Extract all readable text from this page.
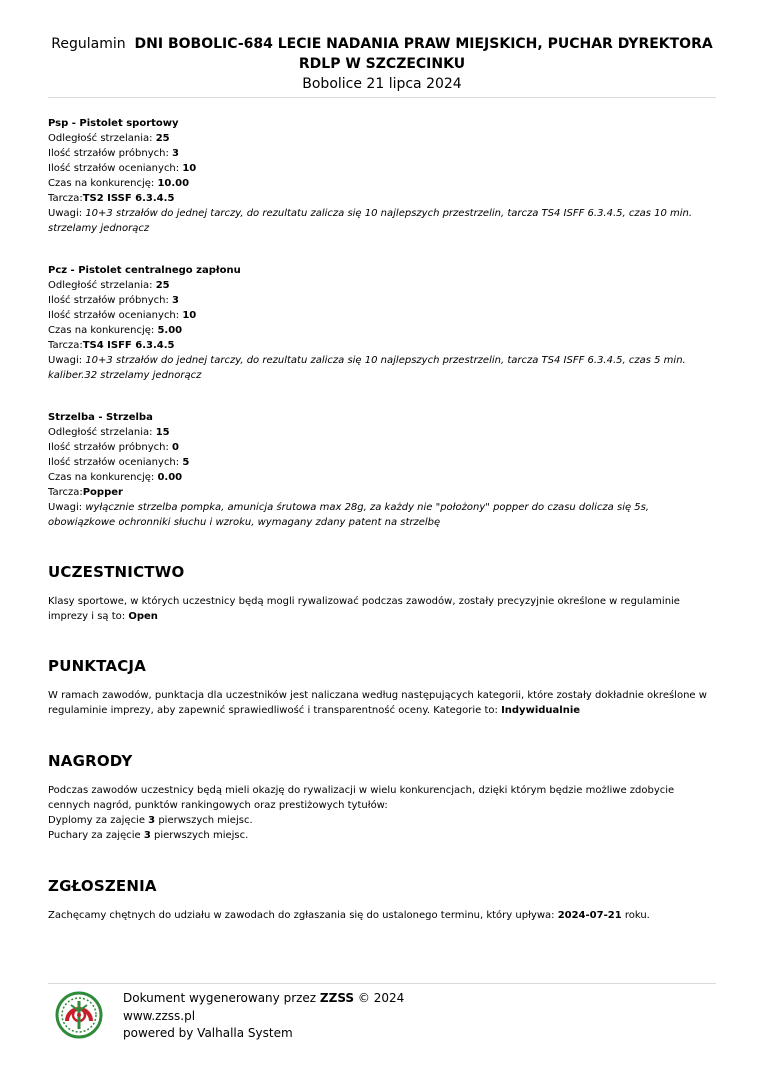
Regulamin DNI BOBOLIC-684 LECIE NADANIA PRAW MIEJSKICH, PUCHAR DYREKTORA
RDLP W SZCZECINKU
Bobolice 21 lipca 2024
Psp - Pistolet sportowy
Odległość strzelania: 25
Ilość strzałów próbnych: 3
Ilość strzałów ocenianych: 10
Czas na konkurencję: 10.00
Tarcza:TS2 ISSF 6.3.4.5
Uwagi: 10+3 strzałów do jednej tarczy, do rezultatu zalicza się 10 najlepszych przestrzelin, tarcza TS4 ISFF 6.3.4.5, czas 10 min. strzelamy jednorącz
Pcz - Pistolet centralnego zapłonu
Odległość strzelania: 25
Ilość strzałów próbnych: 3
Ilość strzałów ocenianych: 10
Czas na konkurencję: 5.00
Tarcza:TS4 ISFF 6.3.4.5
Uwagi: 10+3 strzałów do jednej tarczy, do rezultatu zalicza się 10 najlepszych przestrzelin, tarcza TS4 ISFF 6.3.4.5, czas 5 min. kaliber.32 strzelamy jednorącz
Strzelba - Strzelba
Odległość strzelania: 15
Ilość strzałów próbnych: 0
Ilość strzałów ocenianych: 5
Czas na konkurencję: 0.00
Tarcza:Popper
Uwagi: wyłącznie strzelba pompka, amunicja śrutowa max 28g, za każdy nie "położony" popper do czasu dolicza się 5s, obowiązkowe ochronniki słuchu i wzroku, wymagany zdany patent na strzelbę
UCZESTNICTWO
Klasy sportowe, w których uczestnicy będą mogli rywalizować podczas zawodów, zostały precyzyjnie określone w regulaminie imprezy i są to: Open
PUNKTACJA
W ramach zawodów, punktacja dla uczestników jest naliczana według następujących kategorii, które zostały dokładnie określone w regulaminie imprezy, aby zapewnić sprawiedliwość i transparentność oceny. Kategorie to: Indywidualnie
NAGRODY
Podczas zawodów uczestnicy będą mieli okazję do rywalizacji w wielu konkurencjach, dzięki którym będzie możliwe zdobycie cennych nagród, punktów rankingowych oraz prestiżowych tytułów:
Dyplomy za zajęcie 3 pierwszych miejsc.
Puchary za zajęcie 3 pierwszych miejsc.
ZGŁOSZENIA
Zachęcamy chętnych do udziału w zawodach do zgłaszania się do ustalonego terminu, który upływa: 2024-07-21 roku.
Dokument wygenerowany przez ZZSS © 2024
www.zzss.pl
powered by Valhalla System
